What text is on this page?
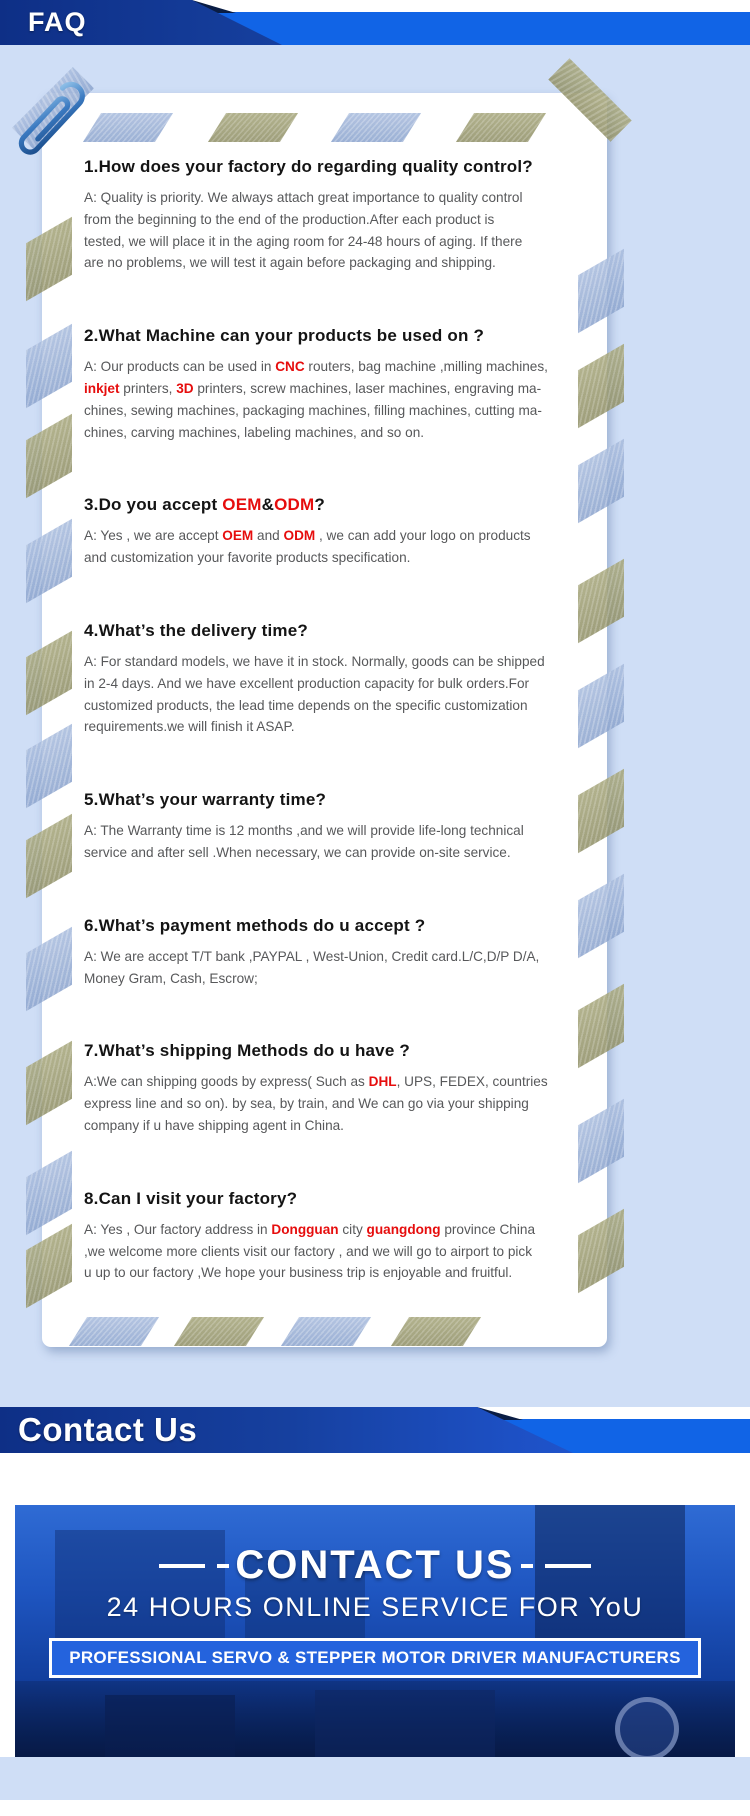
FAQ
1.How does your factory do regarding quality control?
A: Quality is priority. We always attach great importance to quality control
from the beginning to the end of the production.After each product is
tested, we will place it in the aging room for 24-48 hours of aging. If there
are no problems, we will test it again before packaging and shipping.
2.What Machine can your products be used on ?
A: Our products can be used in CNC routers, bag machine ,milling machines,
inkjet printers, 3D printers, screw machines, laser machines, engraving ma-
chines, sewing machines, packaging machines, filling machines, cutting ma-
chines, carving machines, labeling machines, and so on.
3.Do you accept OEM&ODM?
A: Yes , we are accept OEM and ODM , we can add your logo on products
and customization your favorite products specification.
4.What’s the delivery time?
A: For standard models, we have it in stock. Normally, goods can be shipped
in 2-4 days. And we have excellent production capacity for bulk orders.For
customized products, the lead time depends on the specific customization
requirements.we will finish it ASAP.
5.What’s your warranty time?
A: The Warranty time is 12 months ,and we will provide life-long technical
service and after sell .When necessary, we can provide on-site service.
6.What’s payment methods do u accept ?
A: We are accept T/T bank ,PAYPAL , West-Union, Credit card.L/C,D/P D/A,
Money Gram, Cash, Escrow;
7.What’s shipping Methods do u have ?
A:We can shipping goods by express( Such as DHL, UPS, FEDEX, countries
express line and so on). by sea, by train, and We can go via your shipping
company if u have shipping agent in China.
8.Can I visit your factory?
A: Yes , Our factory address in Dongguan city guangdong province China
,we welcome more clients visit our factory , and we will go to airport to pick
u up to our factory ,We hope your business trip is enjoyable and fruitful.
Contact Us
CONTACT US
24 HOURS ONLINE SERVICE FOR YoU
PROFESSIONAL SERVO & STEPPER MOTOR DRIVER MANUFACTURERS
